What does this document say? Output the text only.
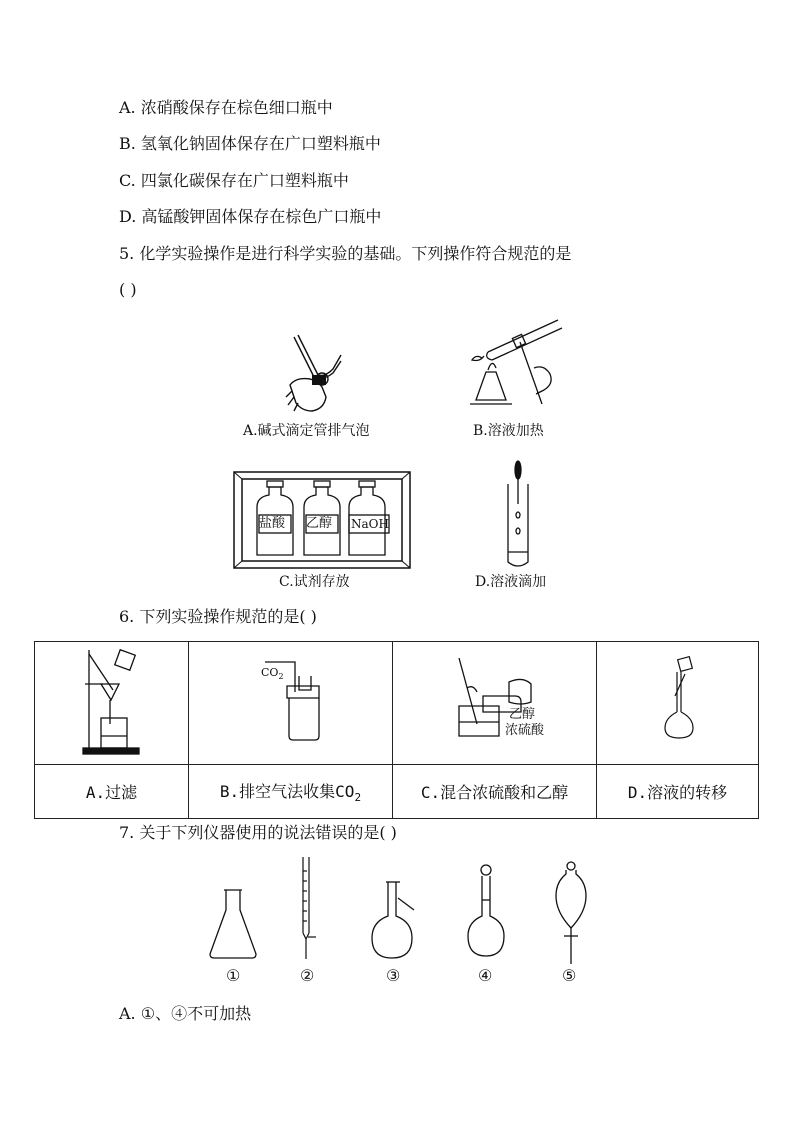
A. 浓硝酸保存在棕色细口瓶中
B. 氢氧化钠固体保存在广口塑料瓶中
C. 四氯化碳保存在广口塑料瓶中
D. 高锰酸钾固体保存在棕色广口瓶中
5. 化学实验操作是进行科学实验的基础。下列操作符合规范的是
( )
A.碱式滴定管排气泡	B.溶液加热
盐酸 乙醇 NaOH
C.试剂存放	D.溶液滴加
6. 下列实验操作规范的是( )

$CO_2$	乙醇
浓硫酸

A.过滤	B.排空气法收集$CO_2$	C.混合浓硫酸和乙醇	D.溶液的转移
7. 关于下列仪器使用的说法错误的是( )
①	②	③	④	⑤
A. ①、④不可加热
